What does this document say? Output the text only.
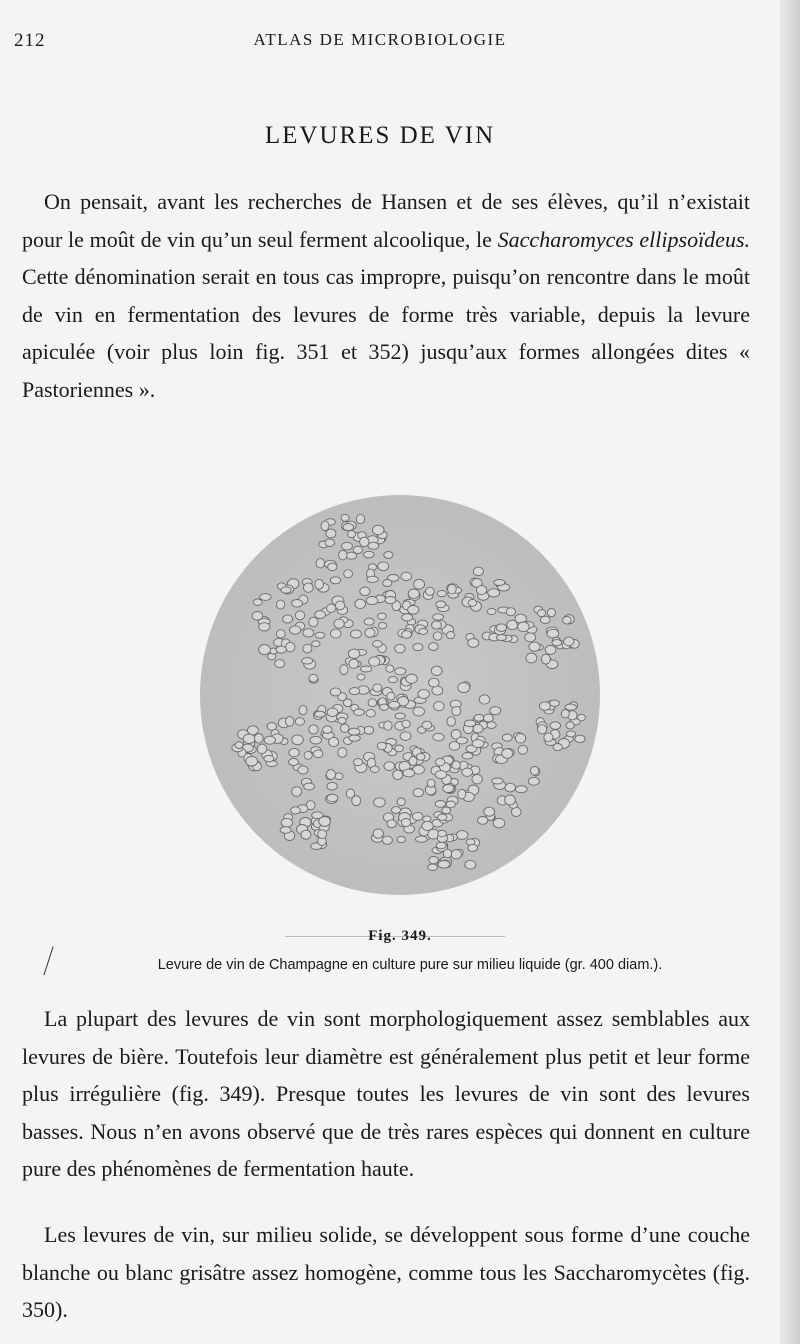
212	ATLAS DE MICROBIOLOGIE
LEVURES DE VIN

On pensait, avant les recherches de Hansen et de ses élèves, qu’il n’existait pour le moût de vin qu’un seul ferment alcoolique, le Saccharomyces ellipsoïdeus. Cette dénomination serait en tous cas impropre, puisqu’on rencontre dans le moût de vin en fermentation des levures de forme très variable, depuis la levure apiculée (voir plus loin fig. 351 et 352) jusqu’aux formes allongées dites « Pastoriennes ».

Fig. 349.
Levure de vin de Champagne en culture pure sur milieu liquide (gr. 400 diam.).

La plupart des levures de vin sont morphologiquement assez semblables aux levures de bière. Toutefois leur diamètre est généralement plus petit et leur forme plus irrégulière (fig. 349). Presque toutes les levures de vin sont des levures basses. Nous n’en avons observé que de très rares espèces qui donnent en culture pure des phénomènes de fermentation haute.

Les levures de vin, sur milieu solide, se développent sous forme d’une couche blanche ou blanc grisâtre assez homogène, comme tous les Saccharomycètes (fig. 350).
